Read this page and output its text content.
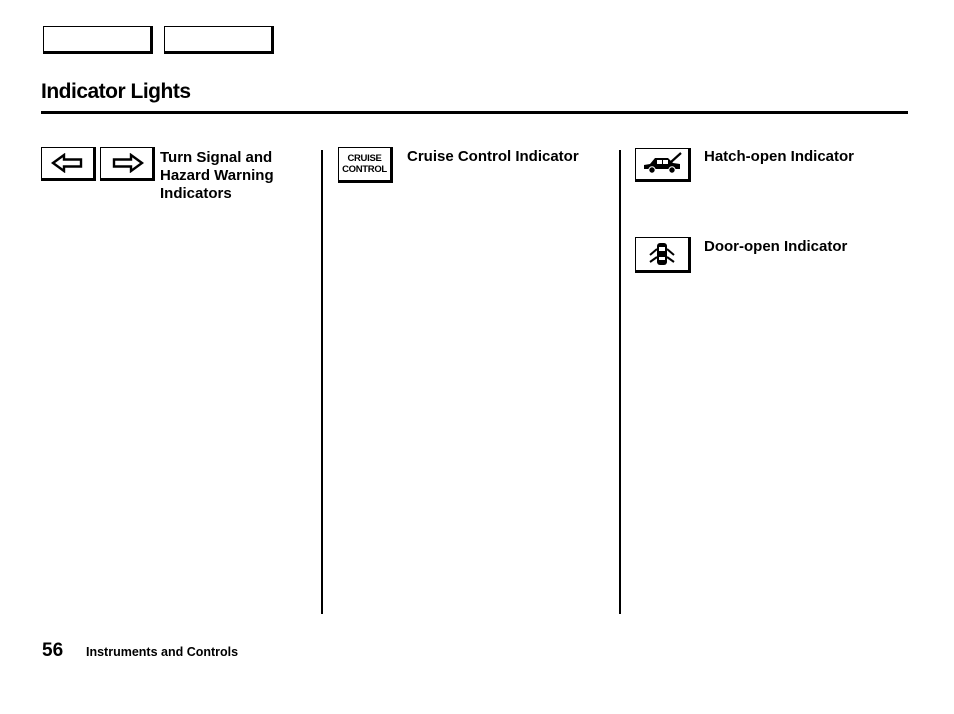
Indicator Lights
Turn Signal and
Hazard Warning
Indicators
CRUISE
CONTROL
Cruise Control Indicator	Hatch-open Indicator
Door-open Indicator
56 Instruments and Controls
